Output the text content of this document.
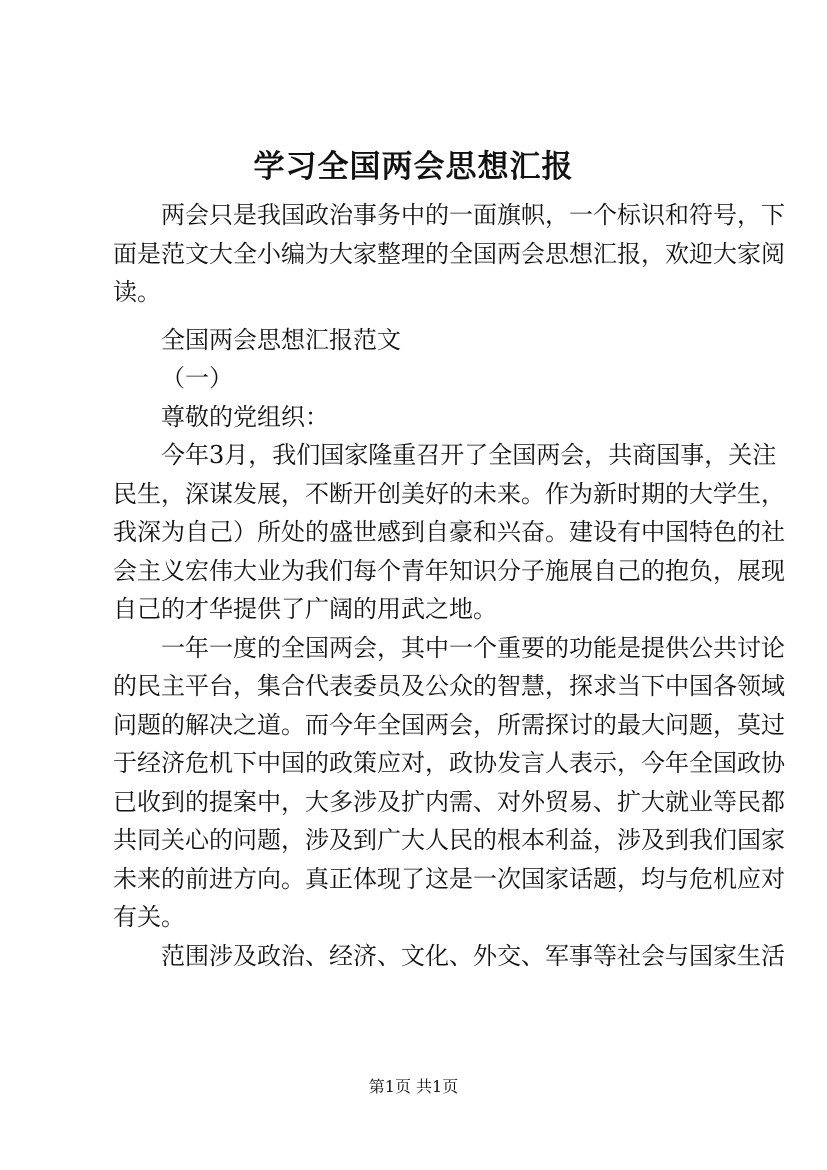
学习全国两会思想汇报
两会只是我国政治事务中的一面旗帜，一个标识和符号，下
面是范文大全小编为大家整理的全国两会思想汇报，欢迎大家阅
读。
全国两会思想汇报范文
（一）
尊敬的党组织：
今年3月，我们国家隆重召开了全国两会，共商国事，关注
民生，深谋发展，不断开创美好的未来。作为新时期的大学生，
我深为自己）所处的盛世感到自豪和兴奋。建设有中国特色的社
会主义宏伟大业为我们每个青年知识分子施展自己的抱负，展现
自己的才华提供了广阔的用武之地。
一年一度的全国两会，其中一个重要的功能是提供公共讨论
的民主平台，集合代表委员及公众的智慧，探求当下中国各领域
问题的解决之道。而今年全国两会，所需探讨的最大问题，莫过
于经济危机下中国的政策应对，政协发言人表示，今年全国政协
已收到的提案中，大多涉及扩内需、对外贸易、扩大就业等民都
共同关心的问题，涉及到广大人民的根本利益，涉及到我们国家
未来的前进方向。真正体现了这是一次国家话题，均与危机应对
有关。
范围涉及政治、经济、文化、外交、军事等社会与国家生活
第1页 共1页
